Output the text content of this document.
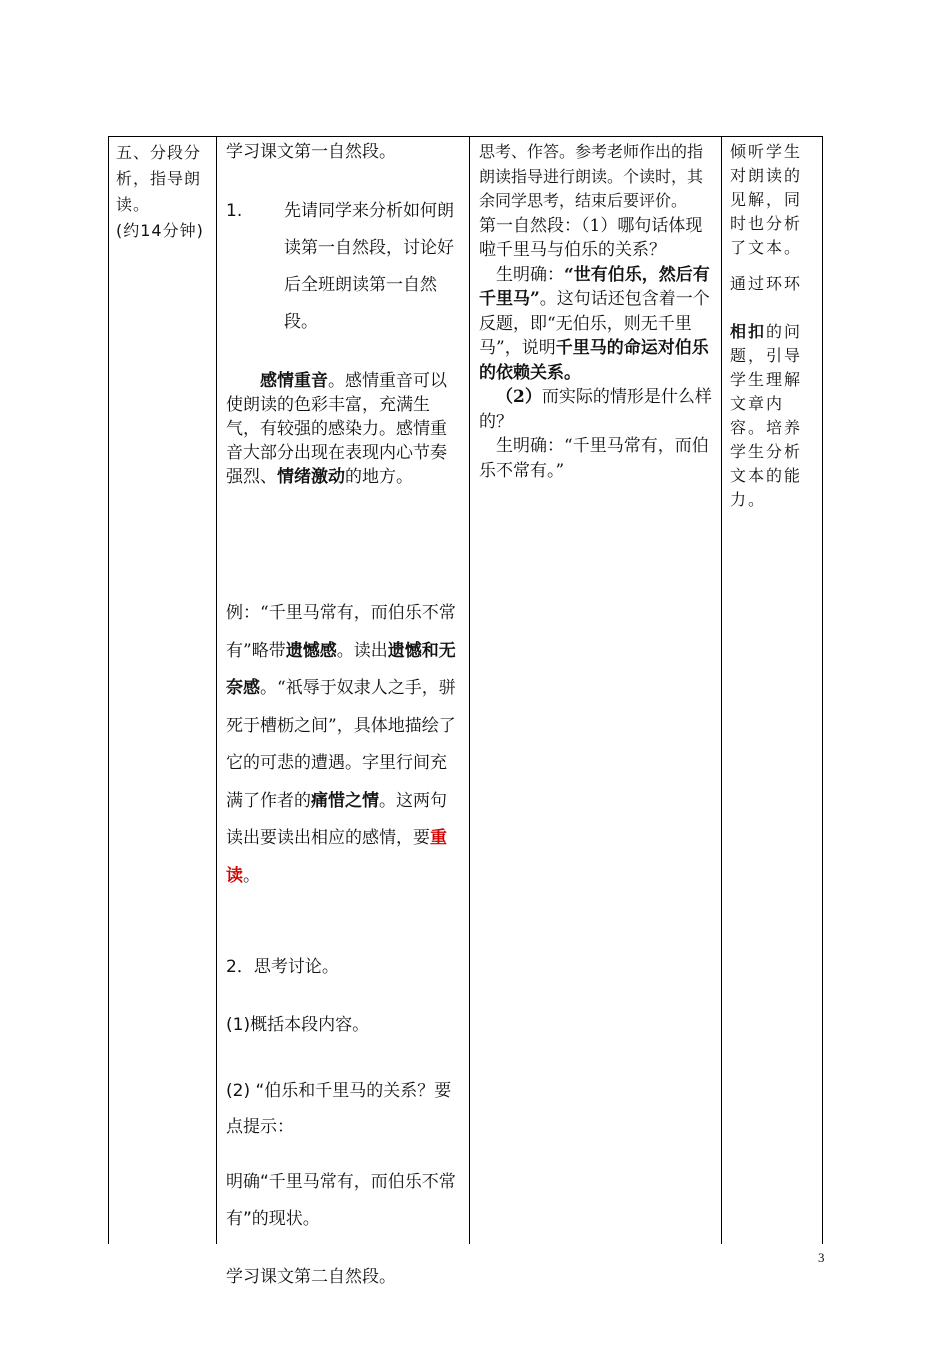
五、分段分析，指导朗读。

(约14分钟)

学习课文第一自然段。

1. 先请同学来分析如何朗读第一自然段，讨论好后全班朗读第一自然段。

感情重音。感情重音可以使朗读的色彩丰富，充满生气，有较强的感染力。感情重音大部分出现在表现内心节奏强烈、情绪激动的地方。

例：“千里马常有，而伯乐不常有”略带遗憾感。读出遗憾和无奈感。“祇辱于奴隶人之手，骈死于槽枥之间”，具体地描绘了它的可悲的遭遇。字里行间充满了作者的痛惜之情。这两句读出要读出相应的感情，要重读。

2．思考讨论。

(1)概括本段内容。

(2) “伯乐和千里马的关系？要点提示：

明确“千里马常有，而伯乐不常有”的现状。

学习课文第二自然段。

思考、作答。参考老师作出的指朗读指导进行朗读。个读时，其余同学思考，结束后要评价。

第一自然段：（1）哪句话体现啦千里马与伯乐的关系？

生明确：“世有伯乐，然后有千里马”。这句话还包含着一个反题，即“无伯乐，则无千里马”，说明千里马的命运对伯乐的依赖关系。

（2）而实际的情形是什么样的？

生明确：“千里马常有，而伯乐不常有。”

倾听学生对朗读的见解，同时也分析了文本。

通过环环相扣的问题，引导学生理解文章内容。培养学生分析文本的能力。

3
